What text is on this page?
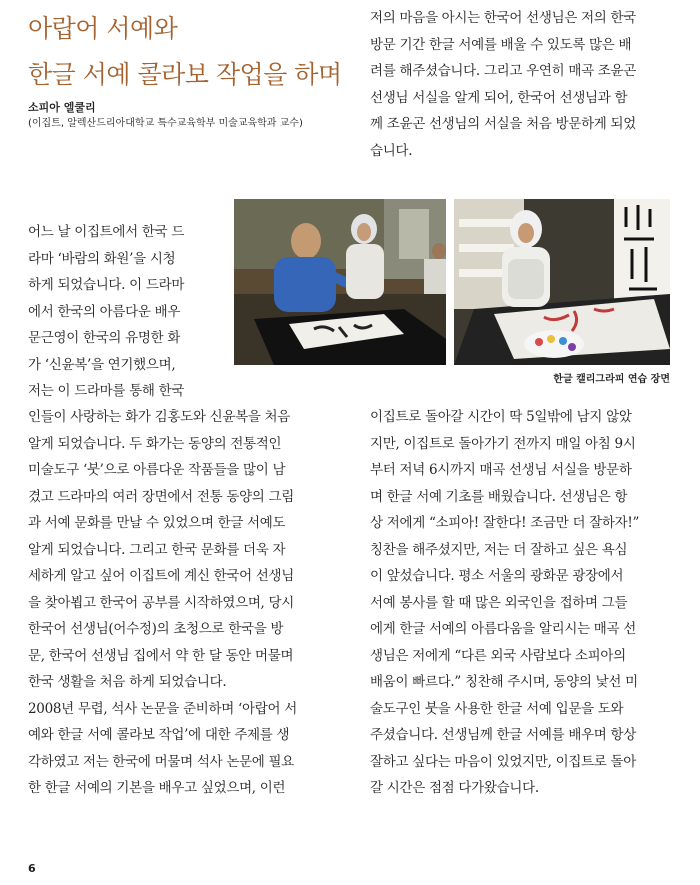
아랍어 서예와
한글 서예 콜라보 작업을 하며
소피아 엘쿨리
(이집트, 알렉산드리아대학교 특수교육학부 미술교육학과 교수)

저의 마음을 아시는 한국어 선생님은 저의 한국

방문 기간 한글 서예를 배울 수 있도록 많은 배

려를 해주셨습니다. 그리고 우연히 매곡 조윤곤

선생님 서실을 알게 되어, 한국어 선생님과 함

께 조윤곤 선생님의 서실을 처음 방문하게 되었

습니다.

어느 날 이집트에서 한국 드

라마 ‘바람의 화원’을 시청

하게 되었습니다. 이 드라마

에서 한국의 아름다운 배우

문근영이 한국의 유명한 화

가 ‘신윤복’을 연기했으며,

저는 이 드라마를 통해 한국

한글 캘리그라피 연습 장면

인들이 사랑하는 화가 김홍도와 신윤복을 처음

알게 되었습니다. 두 화가는 동양의 전통적인

미술도구 ‘붓’으로 아름다운 작품들을 많이 남

겼고 드라마의 여러 장면에서 전통 동양의 그림

과 서예 문화를 만날 수 있었으며 한글 서예도

알게 되었습니다. 그리고 한국 문화를 더욱 자

세하게 알고 싶어 이집트에 계신 한국어 선생님

을 찾아뵙고 한국어 공부를 시작하였으며, 당시

한국어 선생님(어수정)의 초청으로 한국을 방

문, 한국어 선생님 집에서 약 한 달 동안 머물며

한국 생활을 처음 하게 되었습니다.

2008년 무렵, 석사 논문을 준비하며 ‘아랍어 서

예와 한글 서예 콜라보 작업’에 대한 주제를 생

각하였고 저는 한국에 머물며 석사 논문에 필요

한 한글 서예의 기본을 배우고 싶었으며, 이런

이집트로 돌아갈 시간이 딱 5일밖에 남지 않았

지만, 이집트로 돌아가기 전까지 매일 아침 9시

부터 저녁 6시까지 매곡 선생님 서실을 방문하

며 한글 서예 기초를 배웠습니다. 선생님은 항

상 저에게 “소피아! 잘한다! 조금만 더 잘하자!”

칭찬을 해주셨지만, 저는 더 잘하고 싶은 욕심

이 앞섰습니다. 평소 서울의 광화문 광장에서

서예 봉사를 할 때 많은 외국인을 접하며 그들

에게 한글 서예의 아름다움을 알리시는 매곡 선

생님은 저에게 “다른 외국 사람보다 소피아의

배움이 빠르다.” 칭찬해 주시며, 동양의 낯선 미

술도구인 붓을 사용한 한글 서예 입문을 도와

주셨습니다. 선생님께 한글 서예를 배우며 항상

잘하고 싶다는 마음이 있었지만, 이집트로 돌아

갈 시간은 점점 다가왔습니다.

6
